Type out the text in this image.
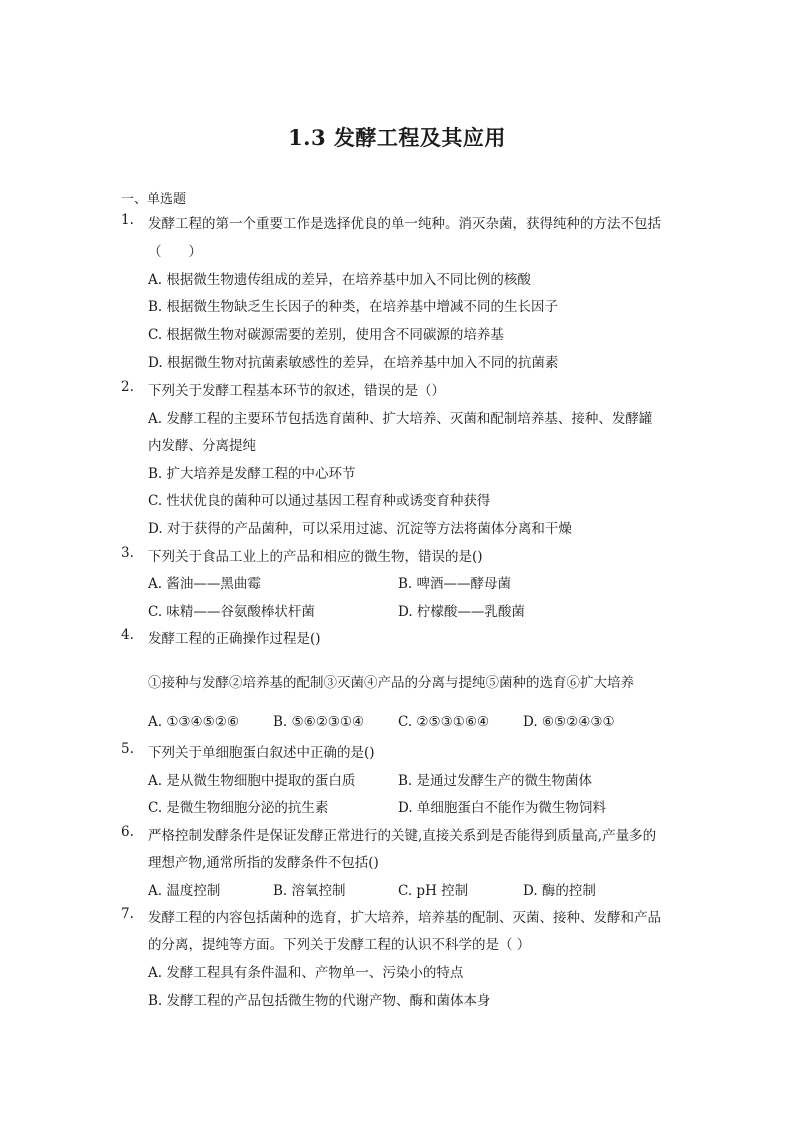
1.3 发酵工程及其应用
一、单选题
1. 发酵工程的第一个重要工作是选择优良的单一纯种。消灭杂菌，获得纯种的方法不包括
（　　）
A. 根据微生物遗传组成的差异，在培养基中加入不同比例的核酸
B. 根据微生物缺乏生长因子的种类，在培养基中增减不同的生长因子
C. 根据微生物对碳源需要的差别，使用含不同碳源的培养基
D. 根据微生物对抗菌素敏感性的差异，在培养基中加入不同的抗菌素
2. 下列关于发酵工程基本环节的叙述，错误的是（）
A. 发酵工程的主要环节包括选育菌种、扩大培养、灭菌和配制培养基、接种、发酵罐
内发酵、分离提纯
B. 扩大培养是发酵工程的中心环节
C. 性状优良的菌种可以通过基因工程育种或诱变育种获得
D. 对于获得的产品菌种，可以采用过滤、沉淀等方法将菌体分离和干燥
3. 下列关于食品工业上的产品和相应的微生物，错误的是()
A. 酱油——黑曲霉	B. 啤酒——酵母菌
C. 味精——谷氨酸棒状杆菌	D. 柠檬酸——乳酸菌
4. 发酵工程的正确操作过程是()
①接种与发酵②培养基的配制③灭菌④产品的分离与提纯⑤菌种的选育⑥扩大培养
A. ①③④⑤②⑥	B. ⑤⑥②③①④	C. ②⑤③①⑥④	D. ⑥⑤②④③①
5. 下列关于单细胞蛋白叙述中正确的是()
A. 是从微生物细胞中提取的蛋白质	B. 是通过发酵生产的微生物菌体
C. 是微生物细胞分泌的抗生素	D. 单细胞蛋白不能作为微生物饲料
6. 严格控制发酵条件是保证发酵正常进行的关键,直接关系到是否能得到质量高,产量多的
理想产物,通常所指的发酵条件不包括()
A. 温度控制	B. 溶氧控制	C. pH 控制	D. 酶的控制
7. 发酵工程的内容包括菌种的选育，扩大培养，培养基的配制、灭菌、接种、发酵和产品
的分离，提纯等方面。下列关于发酵工程的认识不科学的是（ ）
A. 发酵工程具有条件温和、产物单一、污染小的特点
B. 发酵工程的产品包括微生物的代谢产物、酶和菌体本身
